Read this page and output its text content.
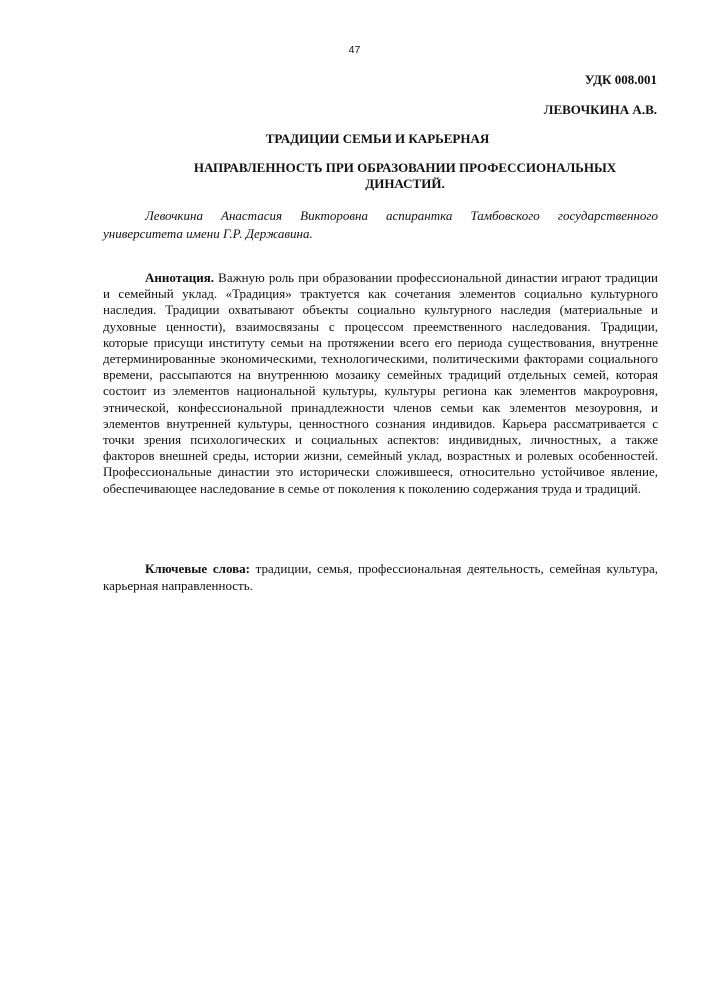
47
УДК 008.001
ЛЕВОЧКИНА А.В.
ТРАДИЦИИ СЕМЬИ И КАРЬЕРНАЯ
НАПРАВЛЕННОСТЬ ПРИ ОБРАЗОВАНИИ ПРОФЕССИОНАЛЬНЫХ ДИНАСТИЙ.
Левочкина Анастасия Викторовна аспирантка Тамбовского государственного университета имени Г.Р. Державина.

Аннотация. Важную роль при образовании профессиональной династии играют традиции и семейный уклад. «Традиция» трактуется как сочетания элементов социально культурного наследия. Традиции охватывают объекты социально культурного наследия (материальные и духовные ценности), взаимосвязаны с процессом преемственного наследования. Традиции, которые присущи институту семьи на протяжении всего его периода существования, внутренне детерминированные экономическими, технологическими, политическими факторами социального времени, рассыпаются на внутреннюю мозаику семейных традиций отдельных семей, которая состоит из элементов национальной культуры, культуры региона как элементов макроуровня, этнической, конфессиональной принадлежности членов семьи как элементов мезоуровня, и элементов внутренней культуры, ценностного сознания индивидов. Карьера рассматривается с точки зрения психологических и социальных аспектов: индивидных, личностных, а также факторов внешней среды, истории жизни, семейный уклад, возрастных и ролевых особенностей. Профессиональные династии это исторически сложившееся, относительно устойчивое явление, обеспечивающее наследование в семье от поколения к поколению содержания труда и традиций.

Ключевые слова: традиции, семья, профессиональная деятельность, семейная культура, карьерная направленность.
